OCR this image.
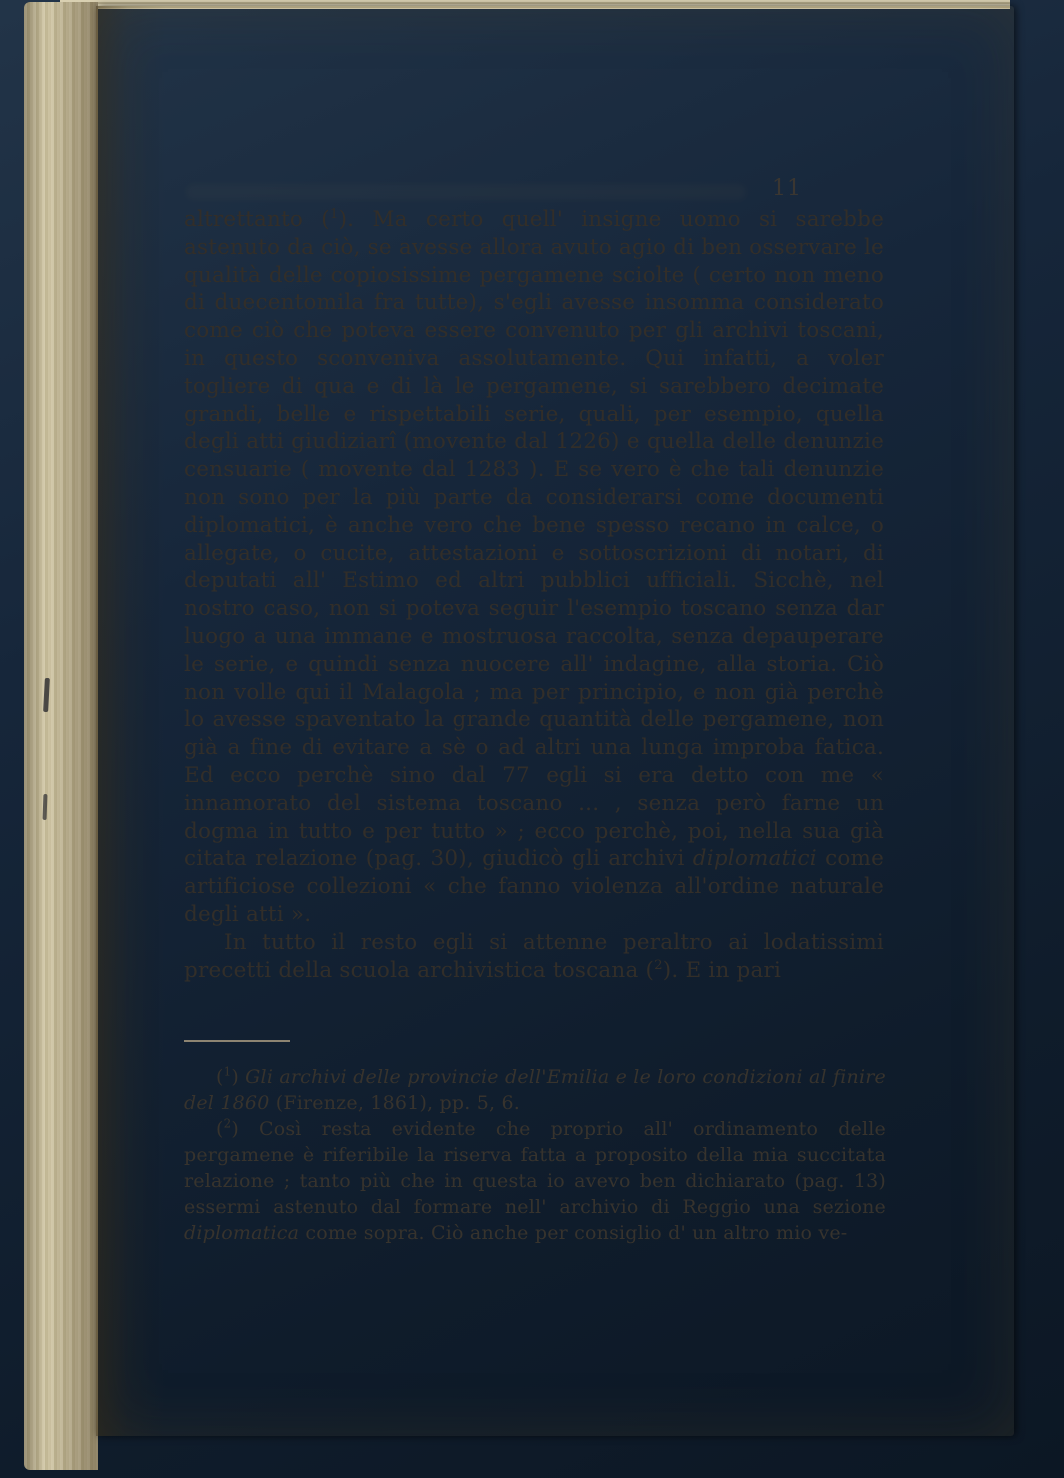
11

altrettanto ($^1$). Ma certo quell' insigne uomo si sarebbe astenuto da ciò, se avesse allora avuto agio di ben osservare le qualità delle copiosissime pergamene sciolte ( certo non meno di duecentomila fra tutte), s'egli avesse insomma considerato come ciò che poteva essere convenuto per gli archivi toscani, in questo sconveniva assolutamente. Qui infatti, a voler togliere di qua e di là le pergamene, si sarebbero decimate grandi, belle e rispettabili serie, quali, per esempio, quella degli atti giudiziarî (movente dal 1226) e quella delle denunzie censuarie ( movente dal 1283 ). E se vero è che tali denunzie non sono per la più parte da considerarsi come documenti diplomatici, è anche vero che bene spesso recano in calce, o allegate, o cucite, attestazioni e sottoscrizioni di notari, di deputati all' Estimo ed altri pubblici ufficiali. Sicchè, nel nostro caso, non si poteva seguir l'esempio toscano senza dar luogo a una immane e mostruosa raccolta, senza depauperare le serie, e quindi senza nuocere all' indagine, alla storia. Ciò non volle qui il Malagola ; ma per principio, e non già perchè lo avesse spaventato la grande quantità delle pergamene, non già a fine di evitare a sè o ad altri una lunga improba fatica. Ed ecco perchè sino dal 77 egli si era detto con me « innamorato del sistema toscano ... , senza però farne un dogma in tutto e per tutto » ; ecco perchè, poi, nella sua già citata relazione (pag. 30), giudicò gli archivi diplomatici come artificiose collezioni « che fanno violenza all'ordine naturale degli atti ».

In tutto il resto egli si attenne peraltro ai lodatissimi precetti della scuola archivistica toscana ($^2$). E in pari

($^1$) Gli archivi delle provincie dell'Emilia e le loro condizioni al finire del 1860 (Firenze, 1861), pp. 5, 6.

($^2$) Così resta evidente che proprio all' ordinamento delle pergamene è riferibile la riserva fatta a proposito della mia succitata relazione ; tanto più che in questa io avevo ben dichiarato (pag. 13) essermi astenuto dal formare nell' archivio di Reggio una sezione diplomatica come sopra. Ciò anche per consiglio d' un altro mio ve-
